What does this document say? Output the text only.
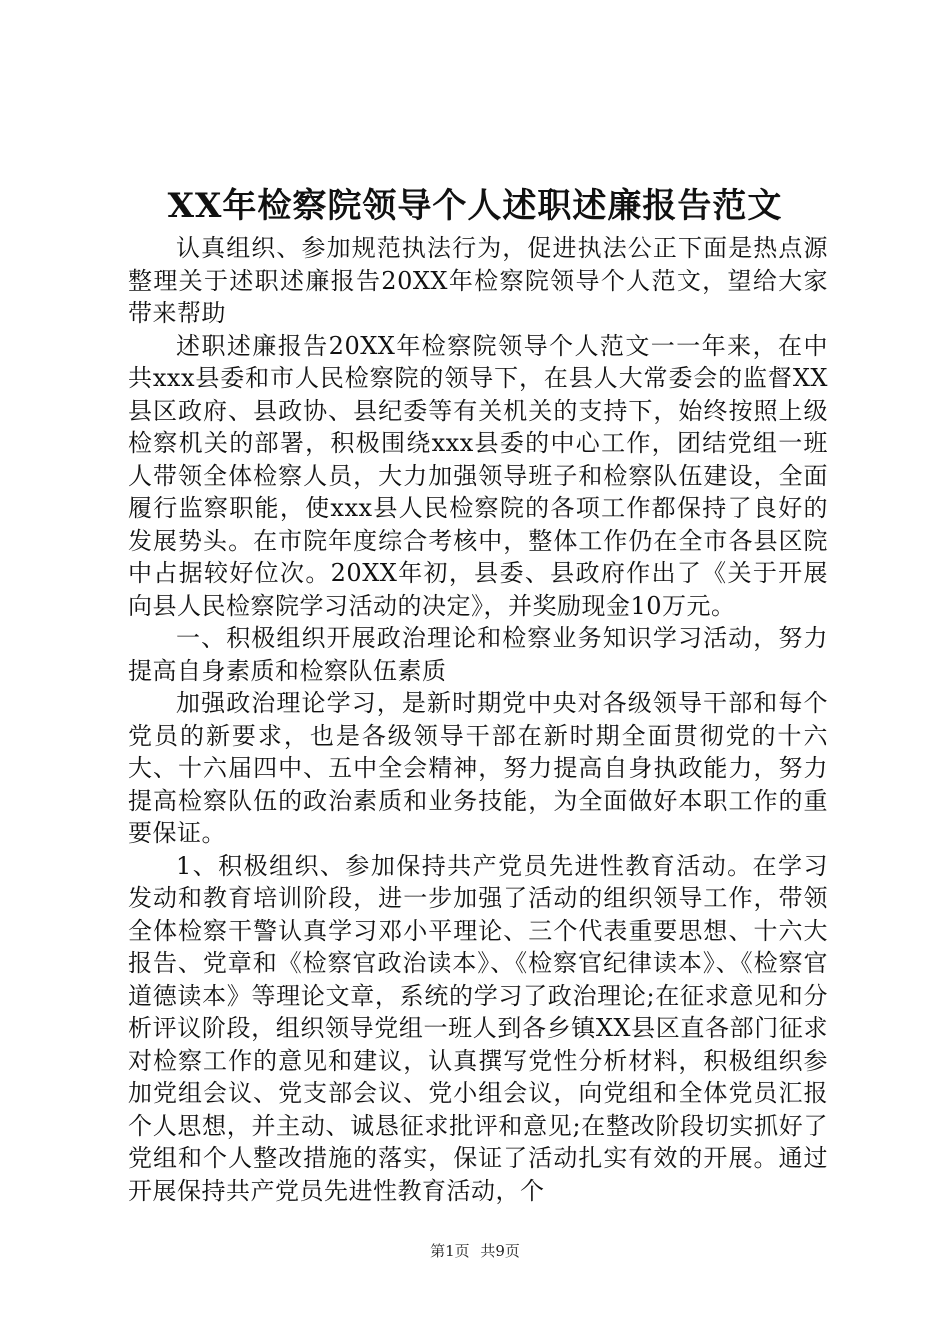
XX年检察院领导个人述职述廉报告范文

认真组织、参加规范执法行为，促进执法公正下面是热点源整理关于述职述廉报告20XX年检察院领导个人范文，望给大家带来帮助

述职述廉报告20XX年检察院领导个人范文一一年来，在中共xxx县委和市人民检察院的领导下，在县人大常委会的监督XX县区政府、县政协、县纪委等有关机关的支持下，始终按照上级检察机关的部署，积极围绕xxx县委的中心工作，团结党组一班人带领全体检察人员，大力加强领导班子和检察队伍建设，全面履行监察职能，使xxx县人民检察院的各项工作都保持了良好的发展势头。在市院年度综合考核中，整体工作仍在全市各县区院中占据较好位次。20XX年初，县委、县政府作出了《关于开展向县人民检察院学习活动的决定》，并奖励现金10万元。

一、积极组织开展政治理论和检察业务知识学习活动，努力提高自身素质和检察队伍素质

加强政治理论学习，是新时期党中央对各级领导干部和每个党员的新要求，也是各级领导干部在新时期全面贯彻党的十六大、十六届四中、五中全会精神，努力提高自身执政能力，努力提高检察队伍的政治素质和业务技能，为全面做好本职工作的重要保证。

1、积极组织、参加保持共产党员先进性教育活动。在学习发动和教育培训阶段，进一步加强了活动的组织领导工作，带领全体检察干警认真学习邓小平理论、三个代表重要思想、十六大报告、党章和《检察官政治读本》、《检察官纪律读本》、《检察官道德读本》等理论文章，系统的学习了政治理论;在征求意见和分析评议阶段，组织领导党组一班人到各乡镇XX县区直各部门征求对检察工作的意见和建议，认真撰写党性分析材料，积极组织参加党组会议、党支部会议、党小组会议，向党组和全体党员汇报个人思想，并主动、诚恳征求批评和意见;在整改阶段切实抓好了党组和个人整改措施的落实，保证了活动扎实有效的开展。通过开展保持共产党员先进性教育活动，个

第1页 共9页
